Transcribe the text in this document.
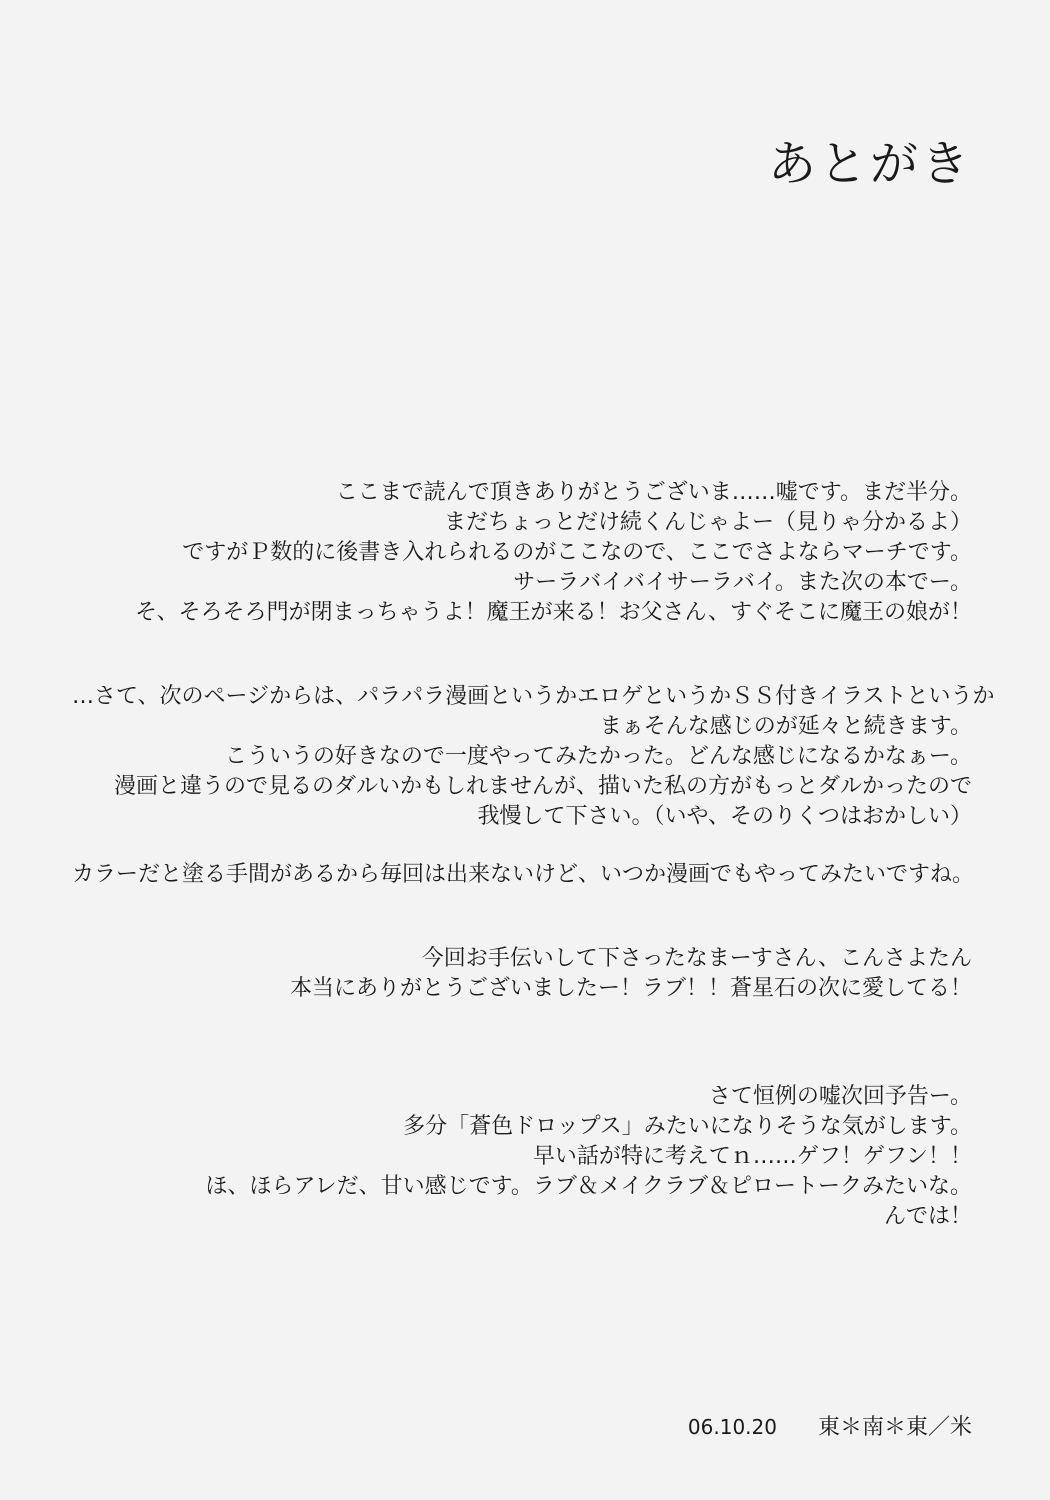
あとがき
ここまで読んで頂きありがとうございま……嘘です。まだ半分。
まだちょっとだけ続くんじゃよー（見りゃ分かるよ）
ですがＰ数的に後書き入れられるのがここなので、ここでさよならマーチです。
サーラバイバイサーラバイ。また次の本でー。
そ、そろそろ門が閉まっちゃうよ！魔王が来る！お父さん、すぐそこに魔王の娘が！
…さて、次のページからは、パラパラ漫画というかエロゲというかＳＳ付きイラストというか
まぁそんな感じのが延々と続きます。
こういうの好きなので一度やってみたかった。どんな感じになるかなぁー。
漫画と違うので見るのダルいかもしれませんが、描いた私の方がもっとダルかったので
我慢して下さい。（いや、そのりくつはおかしい）
カラーだと塗る手間があるから毎回は出来ないけど、いつか漫画でもやってみたいですね。
今回お手伝いして下さったなまーすさん、こんさよたん
本当にありがとうございましたー！ラブ！！蒼星石の次に愛してる！
さて恒例の嘘次回予告ー。
多分「蒼色ドロップス」みたいになりそうな気がします。
早い話が特に考えてｎ……ゲフ！ゲフン！！
ほ、ほらアレだ、甘い感じです。ラブ＆メイクラブ＆ピロートークみたいな。
んでは！
06.10.20 東＊南＊東／米
